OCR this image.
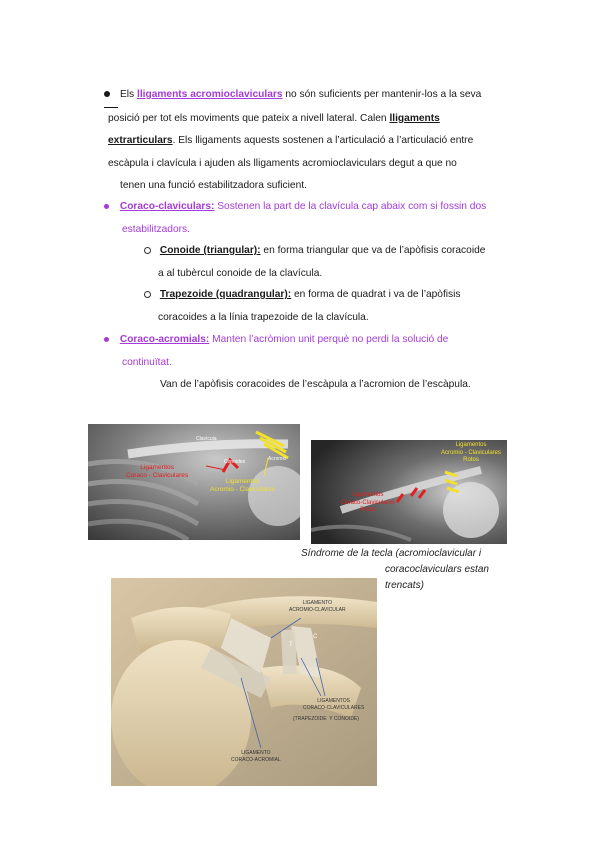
Els lligaments acromioclaviculars no són suficients per mantenir-los a la seva
posició per tot els moviments que pateix a nivell lateral. Calen lligaments
extrarticulars. Els lligaments aquests sostenen a l’articulació a l’articulació entre
escàpula i clavícula i ajuden als lligaments acromioclaviculars degut a que no
tenen una funció estabilitzadora suficient.
Coraco-claviculars: Sostenen la part de la clavícula cap abaix com si fossin dos
estabilitzadors.
Conoide (triangular): en forma triangular que va de l’apòfisis coracoide
a al tubèrcul conoide de la clavícula.
Trapezoide (quadrangular): en forma de quadrat i va de l’apòfisis
coracoides a la línia trapezoide de la clavícula.
Coraco-acromials: Manten l’acròmion unit perquè no perdi la solució de
continuïtat.
Van de l’apòfisis coracoides de l’escàpula a l’acromion de l’escàpula.
Clavícula
Conoides	Acromio
Ligamentos
Coraco - Claviculares
Ligamentos
Acromio - Claviculares
Ligamentos
Acromio - Claviculares
Rotos
Ligamentos
Coraco-Claviculares
Rotos
Síndrome de la tecla (acromioclavicular i
coracoclaviculars estan
trencats)
LIGAMENTO
ACROMIO-CLAVICULAR
T
C
LIGAMENTOS
CORACO-CLAVICULARES
(TRAPEZOIDE  Y CONOIDE)
LIGAMENTO
CORACO-ACROMIAL
